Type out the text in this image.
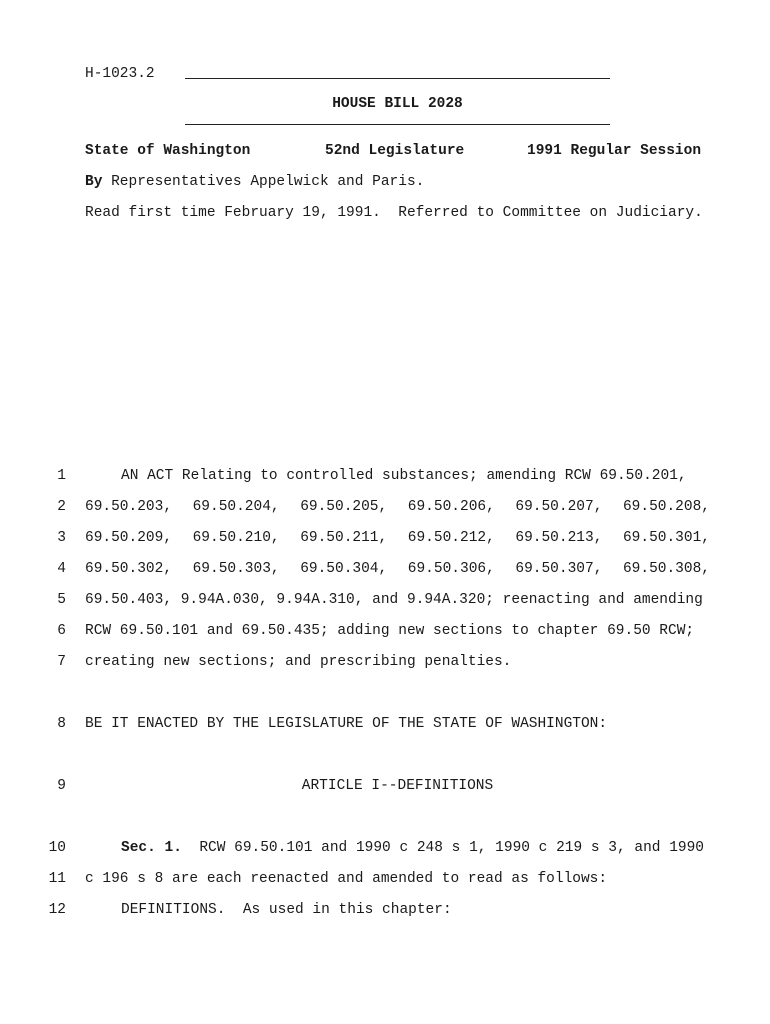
H-1023.2
HOUSE BILL 2028
State of Washington	52nd Legislature	1991 Regular Session
By Representatives Appelwick and Paris.
Read first time February 19, 1991.  Referred to Committee on Judiciary.
1	AN ACT Relating to controlled substances; amending RCW 69.50.201,
2 69.50.203, 69.50.204, 69.50.205, 69.50.206, 69.50.207, 69.50.208,
3 69.50.209, 69.50.210, 69.50.211, 69.50.212, 69.50.213, 69.50.301,
4 69.50.302, 69.50.303, 69.50.304, 69.50.306, 69.50.307, 69.50.308,
5 69.50.403, 9.94A.030, 9.94A.310, and 9.94A.320; reenacting and amending
6 RCW 69.50.101 and 69.50.435; adding new sections to chapter 69.50 RCW;
7 creating new sections; and prescribing penalties.
8 BE IT ENACTED BY THE LEGISLATURE OF THE STATE OF WASHINGTON:
9	ARTICLE I--DEFINITIONS
10	Sec. 1.  RCW 69.50.101 and 1990 c 248 s 1, 1990 c 219 s 3, and 1990
11 c 196 s 8 are each reenacted and amended to read as follows:
12	DEFINITIONS.  As used in this chapter:
